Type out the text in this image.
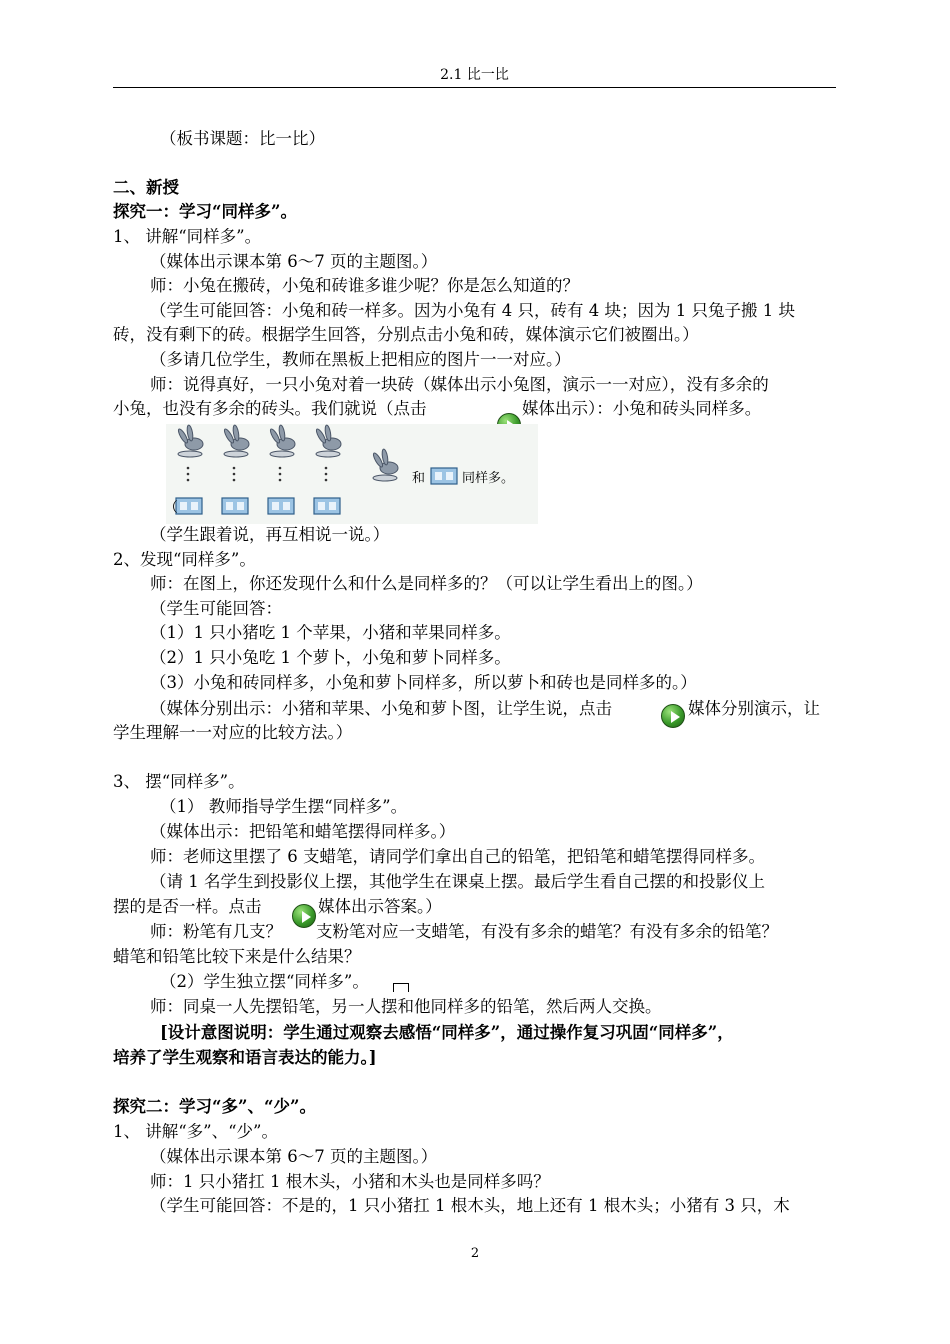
2.1 比一比
（板书课题：比一比）
二、新授
探究一：学习“同样多”。
1、 讲解“同样多”。
（媒体出示课本第 6～7 页的主题图。）
师：小兔在搬砖，小兔和砖谁多谁少呢？你是怎么知道的？
（学生可能回答：小兔和砖一样多。因为小兔有 4 只，砖有 4 块；因为 1 只兔子搬 1 块
砖，没有剩下的砖。根据学生回答，分别点击小兔和砖，媒体演示它们被圈出。）
（多请几位学生，教师在黑板上把相应的图片一一对应。）
师：说得真好，一只小兔对着一块砖（媒体出示小兔图，演示一一对应），没有多余的
小兔，也没有多余的砖头。我们就说（点击	媒体出示）：小兔和砖头同样多。
（
和	同样多。
（学生跟着说，再互相说一说。）
2、发现“同样多”。
师：在图上，你还发现什么和什么是同样多的？（可以让学生看出上的图。）
（学生可能回答：
（1）1 只小猪吃 1 个苹果，小猪和苹果同样多。
（2）1 只小兔吃 1 个萝卜，小兔和萝卜同样多。
（3）小兔和砖同样多，小兔和萝卜同样多，所以萝卜和砖也是同样多的。）
（媒体分别出示：小猪和苹果、小兔和萝卜图，让学生说，点击	媒体分别演示，让
学生理解一一对应的比较方法。）
3、 摆“同样多”。
（1） 教师指导学生摆“同样多”。
（媒体出示：把铅笔和蜡笔摆得同样多。）
师：老师这里摆了 6 支蜡笔，请同学们拿出自己的铅笔，把铅笔和蜡笔摆得同样多。
（请 1 名学生到投影仪上摆，其他学生在课桌上摆。最后学生看自己摆的和投影仪上
摆的是否一样。点击	媒体出示答案。）
师：粉笔有几支？ 支粉笔对应一支蜡笔，有没有多余的蜡笔？有没有多余的铅笔？
蜡笔和铅笔比较下来是什么结果？
（2）学生独立摆“同样多”。
师：同桌一人先摆铅笔，另一人摆和他同样多的铅笔，然后两人交换。
[设计意图说明：学生通过观察去感悟“同样多”，通过操作复习巩固“同样多”，
培养了学生观察和语言表达的能力。]
探究二：学习“多”、“少”。
1、 讲解“多”、“少”。
（媒体出示课本第 6～7 页的主题图。）
师：1 只小猪扛 1 根木头，小猪和木头也是同样多吗？
（学生可能回答：不是的，1 只小猪扛 1 根木头，地上还有 1 根木头；小猪有 3 只，木
2
